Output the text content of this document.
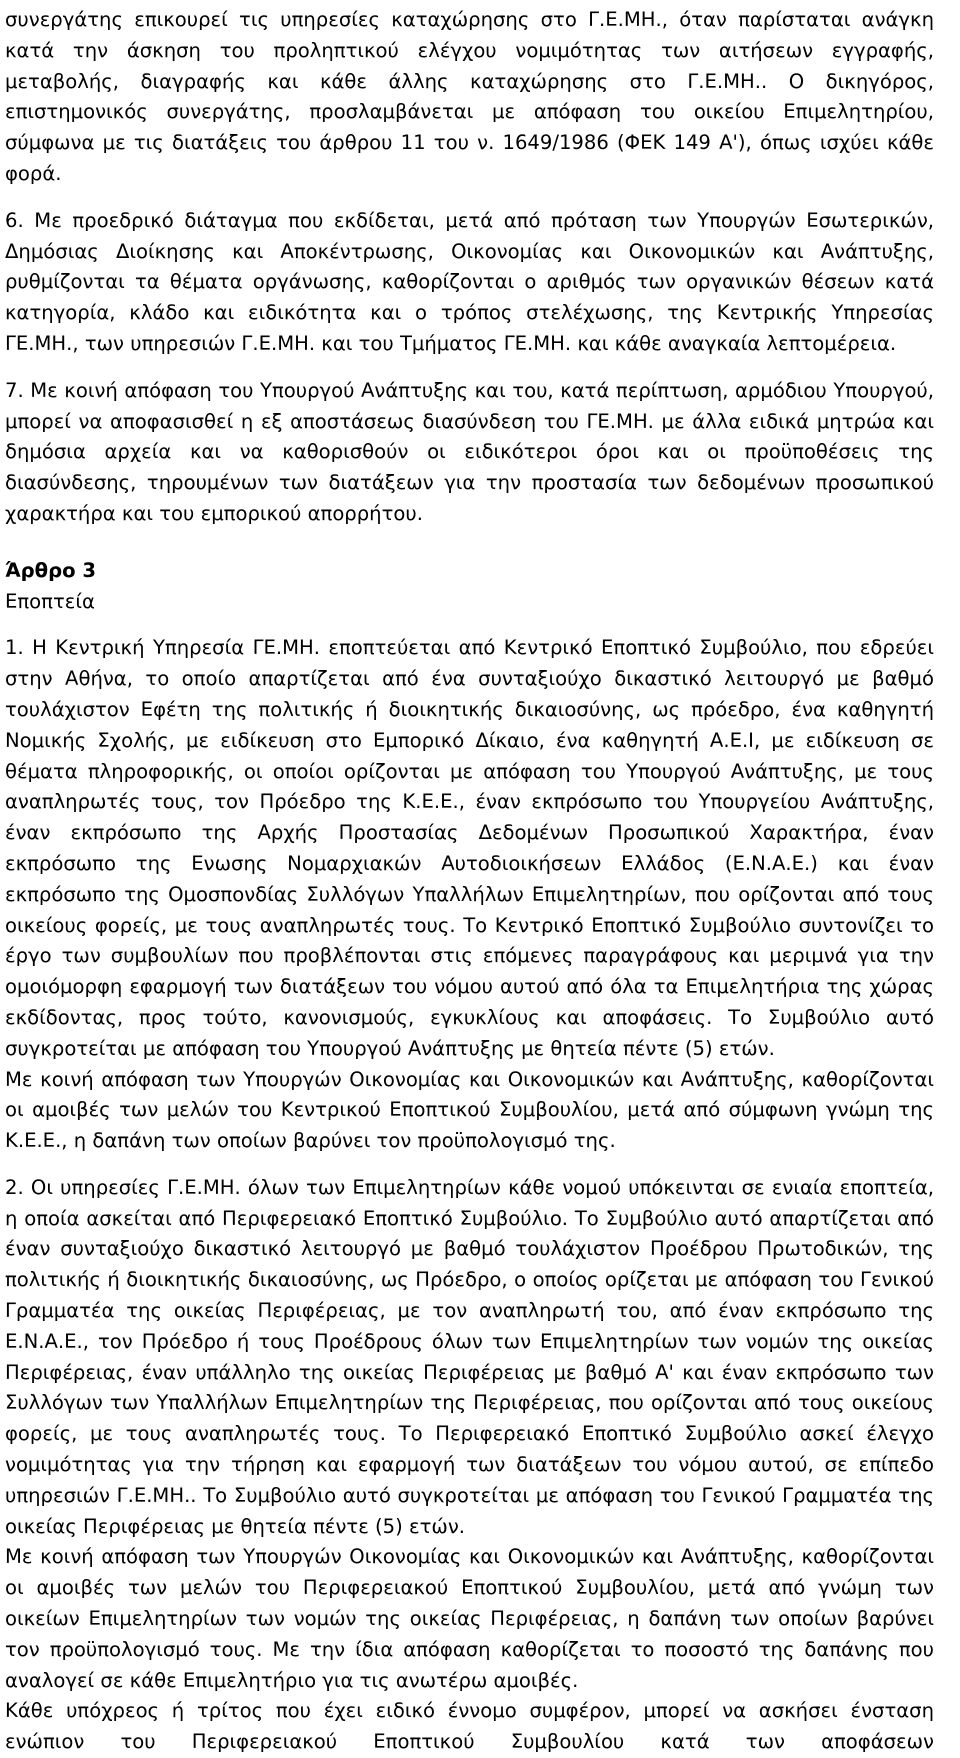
συνεργάτης επικουρεί τις υπηρεσίες καταχώρησης στο Γ.Ε.ΜΗ., όταν παρίσταται ανάγκη κατά την άσκηση του προληπτικού ελέγχου νομιμότητας των αιτήσεων εγγραφής, μεταβολής, διαγραφής και κάθε άλλης καταχώρησης στο Γ.Ε.ΜΗ.. Ο δικηγόρος, επιστημονικός συνεργάτης, προσλαμβάνεται με απόφαση του οικείου Επιμελητηρίου, σύμφωνα με τις διατάξεις του άρθρου 11 του ν. 1649/1986 (ΦΕΚ 149 Α'), όπως ισχύει κάθε φορά.

6. Με προεδρικό διάταγμα που εκδίδεται, μετά από πρόταση των Υπουργών Εσωτερικών, Δημόσιας Διοίκησης και Αποκέντρωσης, Οικονομίας και Οικονομικών και Ανάπτυξης, ρυθμίζονται τα θέματα οργάνωσης, καθορίζονται ο αριθμός των οργανικών θέσεων κατά κατηγορία, κλάδο και ειδικότητα και ο τρόπος στελέχωσης, της Κεντρικής Υπηρεσίας ΓΕ.ΜΗ., των υπηρεσιών Γ.Ε.ΜΗ. και του Τμήματος ΓΕ.ΜΗ. και κάθε αναγκαία λεπτομέρεια.

7. Με κοινή απόφαση του Υπουργού Ανάπτυξης και του, κατά περίπτωση, αρμόδιου Υπουργού, μπορεί να αποφασισθεί η εξ αποστάσεως διασύνδεση του ΓΕ.ΜΗ. με άλλα ειδικά μητρώα και δημόσια αρχεία και να καθορισθούν οι ειδικότεροι όροι και οι προϋποθέσεις της διασύνδεσης, τηρουμένων των διατάξεων για την προστασία των δεδομένων προσωπικού χαρακτήρα και του εμπορικού απορρήτου.

Άρθρο 3

Εποπτεία

1. Η Κεντρική Υπηρεσία ΓΕ.ΜΗ. εποπτεύεται από Κεντρικό Εποπτικό Συμβούλιο, που εδρεύει στην Αθήνα, το οποίο απαρτίζεται από ένα συνταξιούχο δικαστικό λειτουργό με βαθμό τουλάχιστον Εφέτη της πολιτικής ή διοικητικής δικαιοσύνης, ως πρόεδρο, ένα καθηγητή Νομικής Σχολής, με ειδίκευση στο Εμπορικό Δίκαιο, ένα καθηγητή Α.Ε.Ι, με ειδίκευση σε θέματα πληροφορικής, οι οποίοι ορίζονται με απόφαση του Υπουργού Ανάπτυξης, με τους αναπληρωτές τους, τον Πρόεδρο της Κ.Ε.Ε., έναν εκπρόσωπο του Υπουργείου Ανάπτυξης, έναν εκπρόσωπο της Αρχής Προστασίας Δεδομένων Προσωπικού Χαρακτήρα, έναν εκπρόσωπο της Ενωσης Νομαρχιακών Αυτοδιοικήσεων Ελλάδος (Ε.Ν.Α.Ε.) και έναν εκπρόσωπο της Ομοσπονδίας Συλλόγων Υπαλλήλων Επιμελητηρίων, που ορίζονται από τους οικείους φορείς, με τους αναπληρωτές τους. Το Κεντρικό Εποπτικό Συμβούλιο συντονίζει το έργο των συμβουλίων που προβλέπονται στις επόμενες παραγράφους και μεριμνά για την ομοιόμορφη εφαρμογή των διατάξεων του νόμου αυτού από όλα τα Επιμελητήρια της χώρας εκδίδοντας, προς τούτο, κανονισμούς, εγκυκλίους και αποφάσεις. Το Συμβούλιο αυτό συγκροτείται με απόφαση του Υπουργού Ανάπτυξης με θητεία πέντε (5) ετών.

Με κοινή απόφαση των Υπουργών Οικονομίας και Οικονομικών και Ανάπτυξης, καθορίζονται οι αμοιβές των μελών του Κεντρικού Εποπτικού Συμβουλίου, μετά από σύμφωνη γνώμη της Κ.Ε.Ε., η δαπάνη των οποίων βαρύνει τον προϋπολογισμό της.

2. Οι υπηρεσίες Γ.Ε.ΜΗ. όλων των Επιμελητηρίων κάθε νομού υπόκεινται σε ενιαία εποπτεία, η οποία ασκείται από Περιφερειακό Εποπτικό Συμβούλιο. Το Συμβούλιο αυτό απαρτίζεται από έναν συνταξιούχο δικαστικό λειτουργό με βαθμό τουλάχιστον Προέδρου Πρωτοδικών, της πολιτικής ή διοικητικής δικαιοσύνης, ως Πρόεδρο, ο οποίος ορίζεται με απόφαση του Γενικού Γραμματέα της οικείας Περιφέρειας, με τον αναπληρωτή του, από έναν εκπρόσωπο της Ε.Ν.Α.Ε., τον Πρόεδρο ή τους Προέδρους όλων των Επιμελητηρίων των νομών της οικείας Περιφέρειας, έναν υπάλληλο της οικείας Περιφέρειας με βαθμό Α' και έναν εκπρόσωπο των Συλλόγων των Υπαλλήλων Επιμελητηρίων της Περιφέρειας, που ορίζονται από τους οικείους φορείς, με τους αναπληρωτές τους. Το Περιφερειακό Εποπτικό Συμβούλιο ασκεί έλεγχο νομιμότητας για την τήρηση και εφαρμογή των διατάξεων του νόμου αυτού, σε επίπεδο υπηρεσιών Γ.Ε.ΜΗ.. Το Συμβούλιο αυτό συγκροτείται με απόφαση του Γενικού Γραμματέα της οικείας Περιφέρειας με θητεία πέντε (5) ετών.

Με κοινή απόφαση των Υπουργών Οικονομίας και Οικονομικών και Ανάπτυξης, καθορίζονται οι αμοιβές των μελών του Περιφερειακού Εποπτικού Συμβουλίου, μετά από γνώμη των οικείων Επιμελητηρίων των νομών της οικείας Περιφέρειας, η δαπάνη των οποίων βαρύνει τον προϋπολογισμό τους. Με την ίδια απόφαση καθορίζεται το ποσοστό της δαπάνης που αναλογεί σε κάθε Επιμελητήριο για τις ανωτέρω αμοιβές.

Κάθε υπόχρεος ή τρίτος που έχει ειδικό έννομο συμφέρον, μπορεί να ασκήσει ένσταση ενώπιον του Περιφερειακού Εποπτικού Συμβουλίου κατά των αποφάσεων
